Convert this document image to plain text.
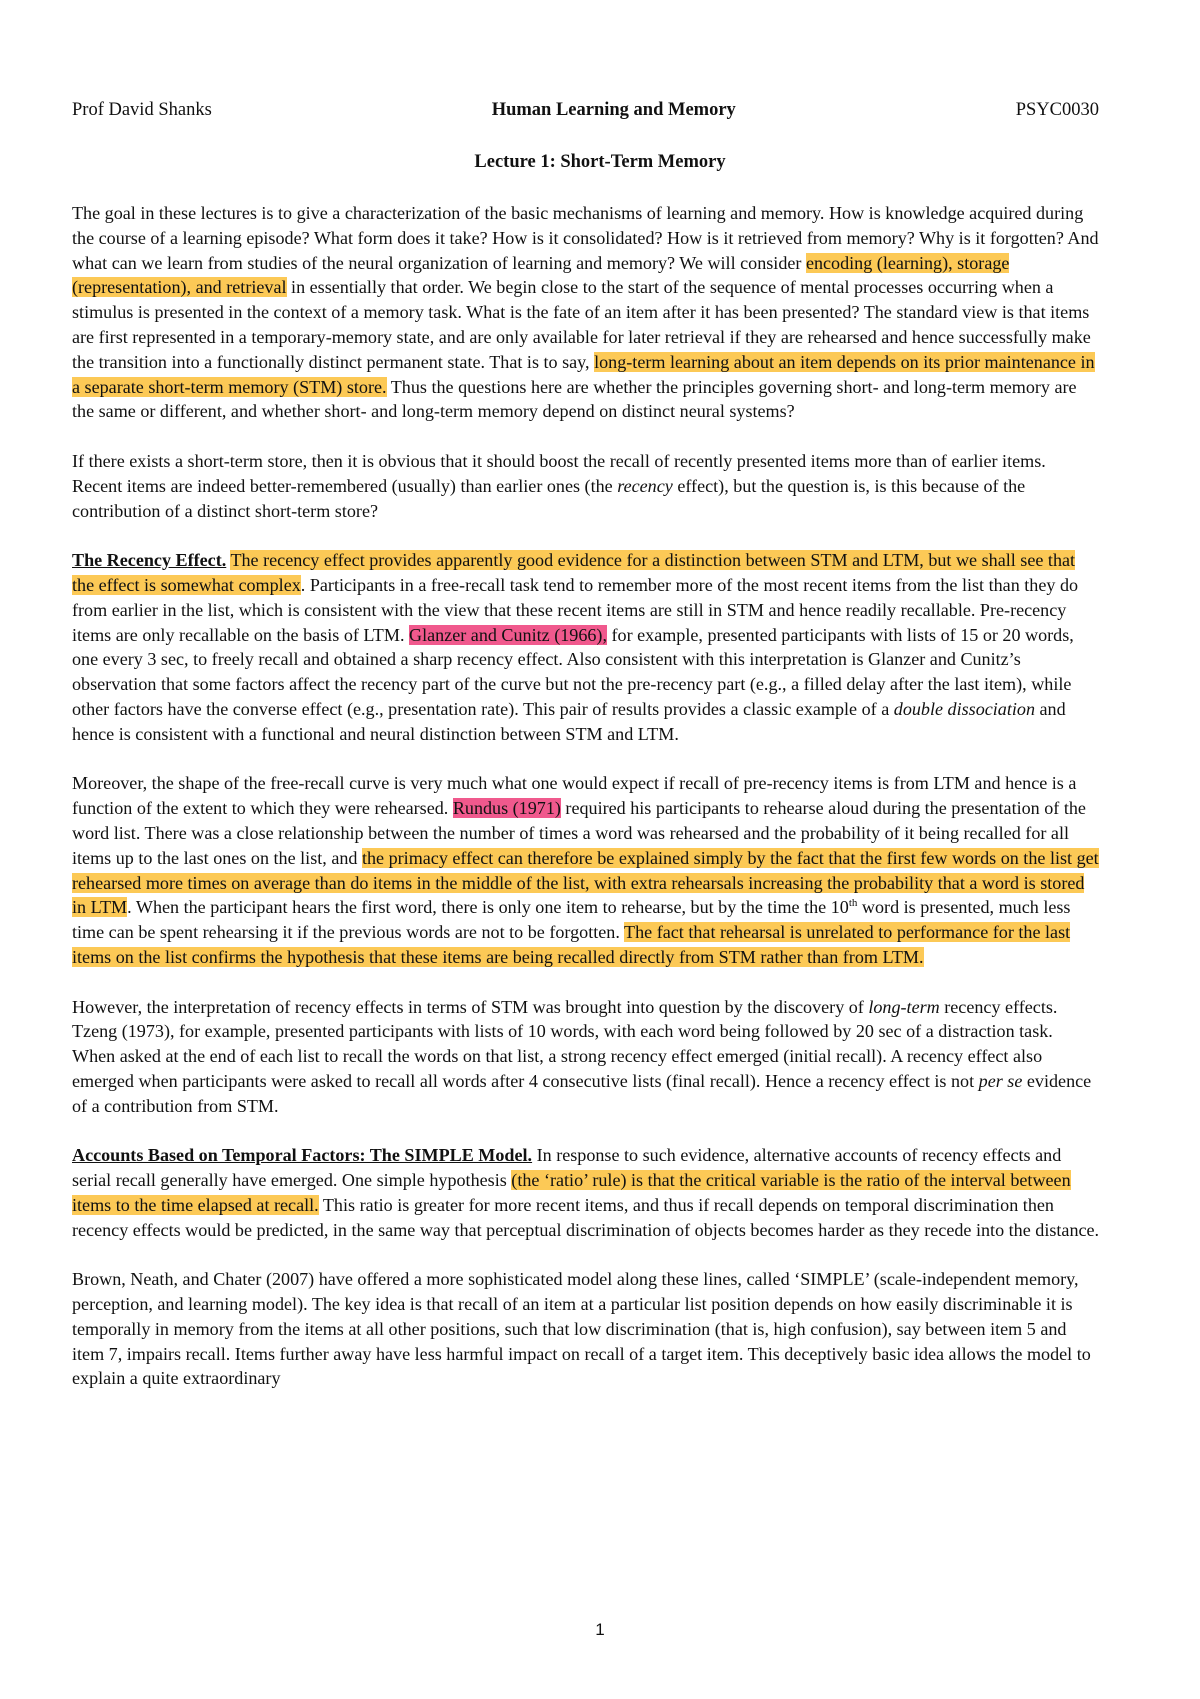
Prof David Shanks	Human Learning and Memory	PSYC0030
Lecture 1: Short-Term Memory

The goal in these lectures is to give a characterization of the basic mechanisms of learning and memory. How is knowledge acquired during the course of a learning episode? What form does it take? How is it consolidated? How is it retrieved from memory? Why is it forgotten? And what can we learn from studies of the neural organization of learning and memory? We will consider encoding (learning), storage (representation), and retrieval in essentially that order. We begin close to the start of the sequence of mental processes occurring when a stimulus is presented in the context of a memory task. What is the fate of an item after it has been presented? The standard view is that items are first represented in a temporary-memory state, and are only available for later retrieval if they are rehearsed and hence successfully make the transition into a functionally distinct permanent state. That is to say, long-term learning about an item depends on its prior maintenance in a separate short-term memory (STM) store. Thus the questions here are whether the principles governing short- and long-term memory are the same or different, and whether short- and long-term memory depend on distinct neural systems?

If there exists a short-term store, then it is obvious that it should boost the recall of recently presented items more than of earlier items. Recent items are indeed better-remembered (usually) than earlier ones (the recency effect), but the question is, is this because of the contribution of a distinct short-term store?

The Recency Effect. The recency effect provides apparently good evidence for a distinction between STM and LTM, but we shall see that the effect is somewhat complex. Participants in a free-recall task tend to remember more of the most recent items from the list than they do from earlier in the list, which is consistent with the view that these recent items are still in STM and hence readily recallable. Pre-recency items are only recallable on the basis of LTM. Glanzer and Cunitz (1966), for example, presented participants with lists of 15 or 20 words, one every 3 sec, to freely recall and obtained a sharp recency effect. Also consistent with this interpretation is Glanzer and Cunitz’s observation that some factors affect the recency part of the curve but not the pre-recency part (e.g., a filled delay after the last item), while other factors have the converse effect (e.g., presentation rate). This pair of results provides a classic example of a double dissociation and hence is consistent with a functional and neural distinction between STM and LTM.

Moreover, the shape of the free-recall curve is very much what one would expect if recall of pre-recency items is from LTM and hence is a function of the extent to which they were rehearsed. Rundus (1971) required his participants to rehearse aloud during the presentation of the word list. There was a close relationship between the number of times a word was rehearsed and the probability of it being recalled for all items up to the last ones on the list, and the primacy effect can therefore be explained simply by the fact that the first few words on the list get rehearsed more times on average than do items in the middle of the list, with extra rehearsals increasing the probability that a word is stored in LTM. When the participant hears the first word, there is only one item to rehearse, but by the time the 10th word is presented, much less time can be spent rehearsing it if the previous words are not to be forgotten. The fact that rehearsal is unrelated to performance for the last items on the list confirms the hypothesis that these items are being recalled directly from STM rather than from LTM.

However, the interpretation of recency effects in terms of STM was brought into question by the discovery of long-term recency effects. Tzeng (1973), for example, presented participants with lists of 10 words, with each word being followed by 20 sec of a distraction task. When asked at the end of each list to recall the words on that list, a strong recency effect emerged (initial recall). A recency effect also emerged when participants were asked to recall all words after 4 consecutive lists (final recall). Hence a recency effect is not per se evidence of a contribution from STM.

Accounts Based on Temporal Factors: The SIMPLE Model. In response to such evidence, alternative accounts of recency effects and serial recall generally have emerged. One simple hypothesis (the ‘ratio’ rule) is that the critical variable is the ratio of the interval between items to the time elapsed at recall. This ratio is greater for more recent items, and thus if recall depends on temporal discrimination then recency effects would be predicted, in the same way that perceptual discrimination of objects becomes harder as they recede into the distance.

Brown, Neath, and Chater (2007) have offered a more sophisticated model along these lines, called ‘SIMPLE’ (scale-independent memory, perception, and learning model). The key idea is that recall of an item at a particular list position depends on how easily discriminable it is temporally in memory from the items at all other positions, such that low discrimination (that is, high confusion), say between item 5 and item 7, impairs recall. Items further away have less harmful impact on recall of a target item. This deceptively basic idea allows the model to explain a quite extraordinary

1
